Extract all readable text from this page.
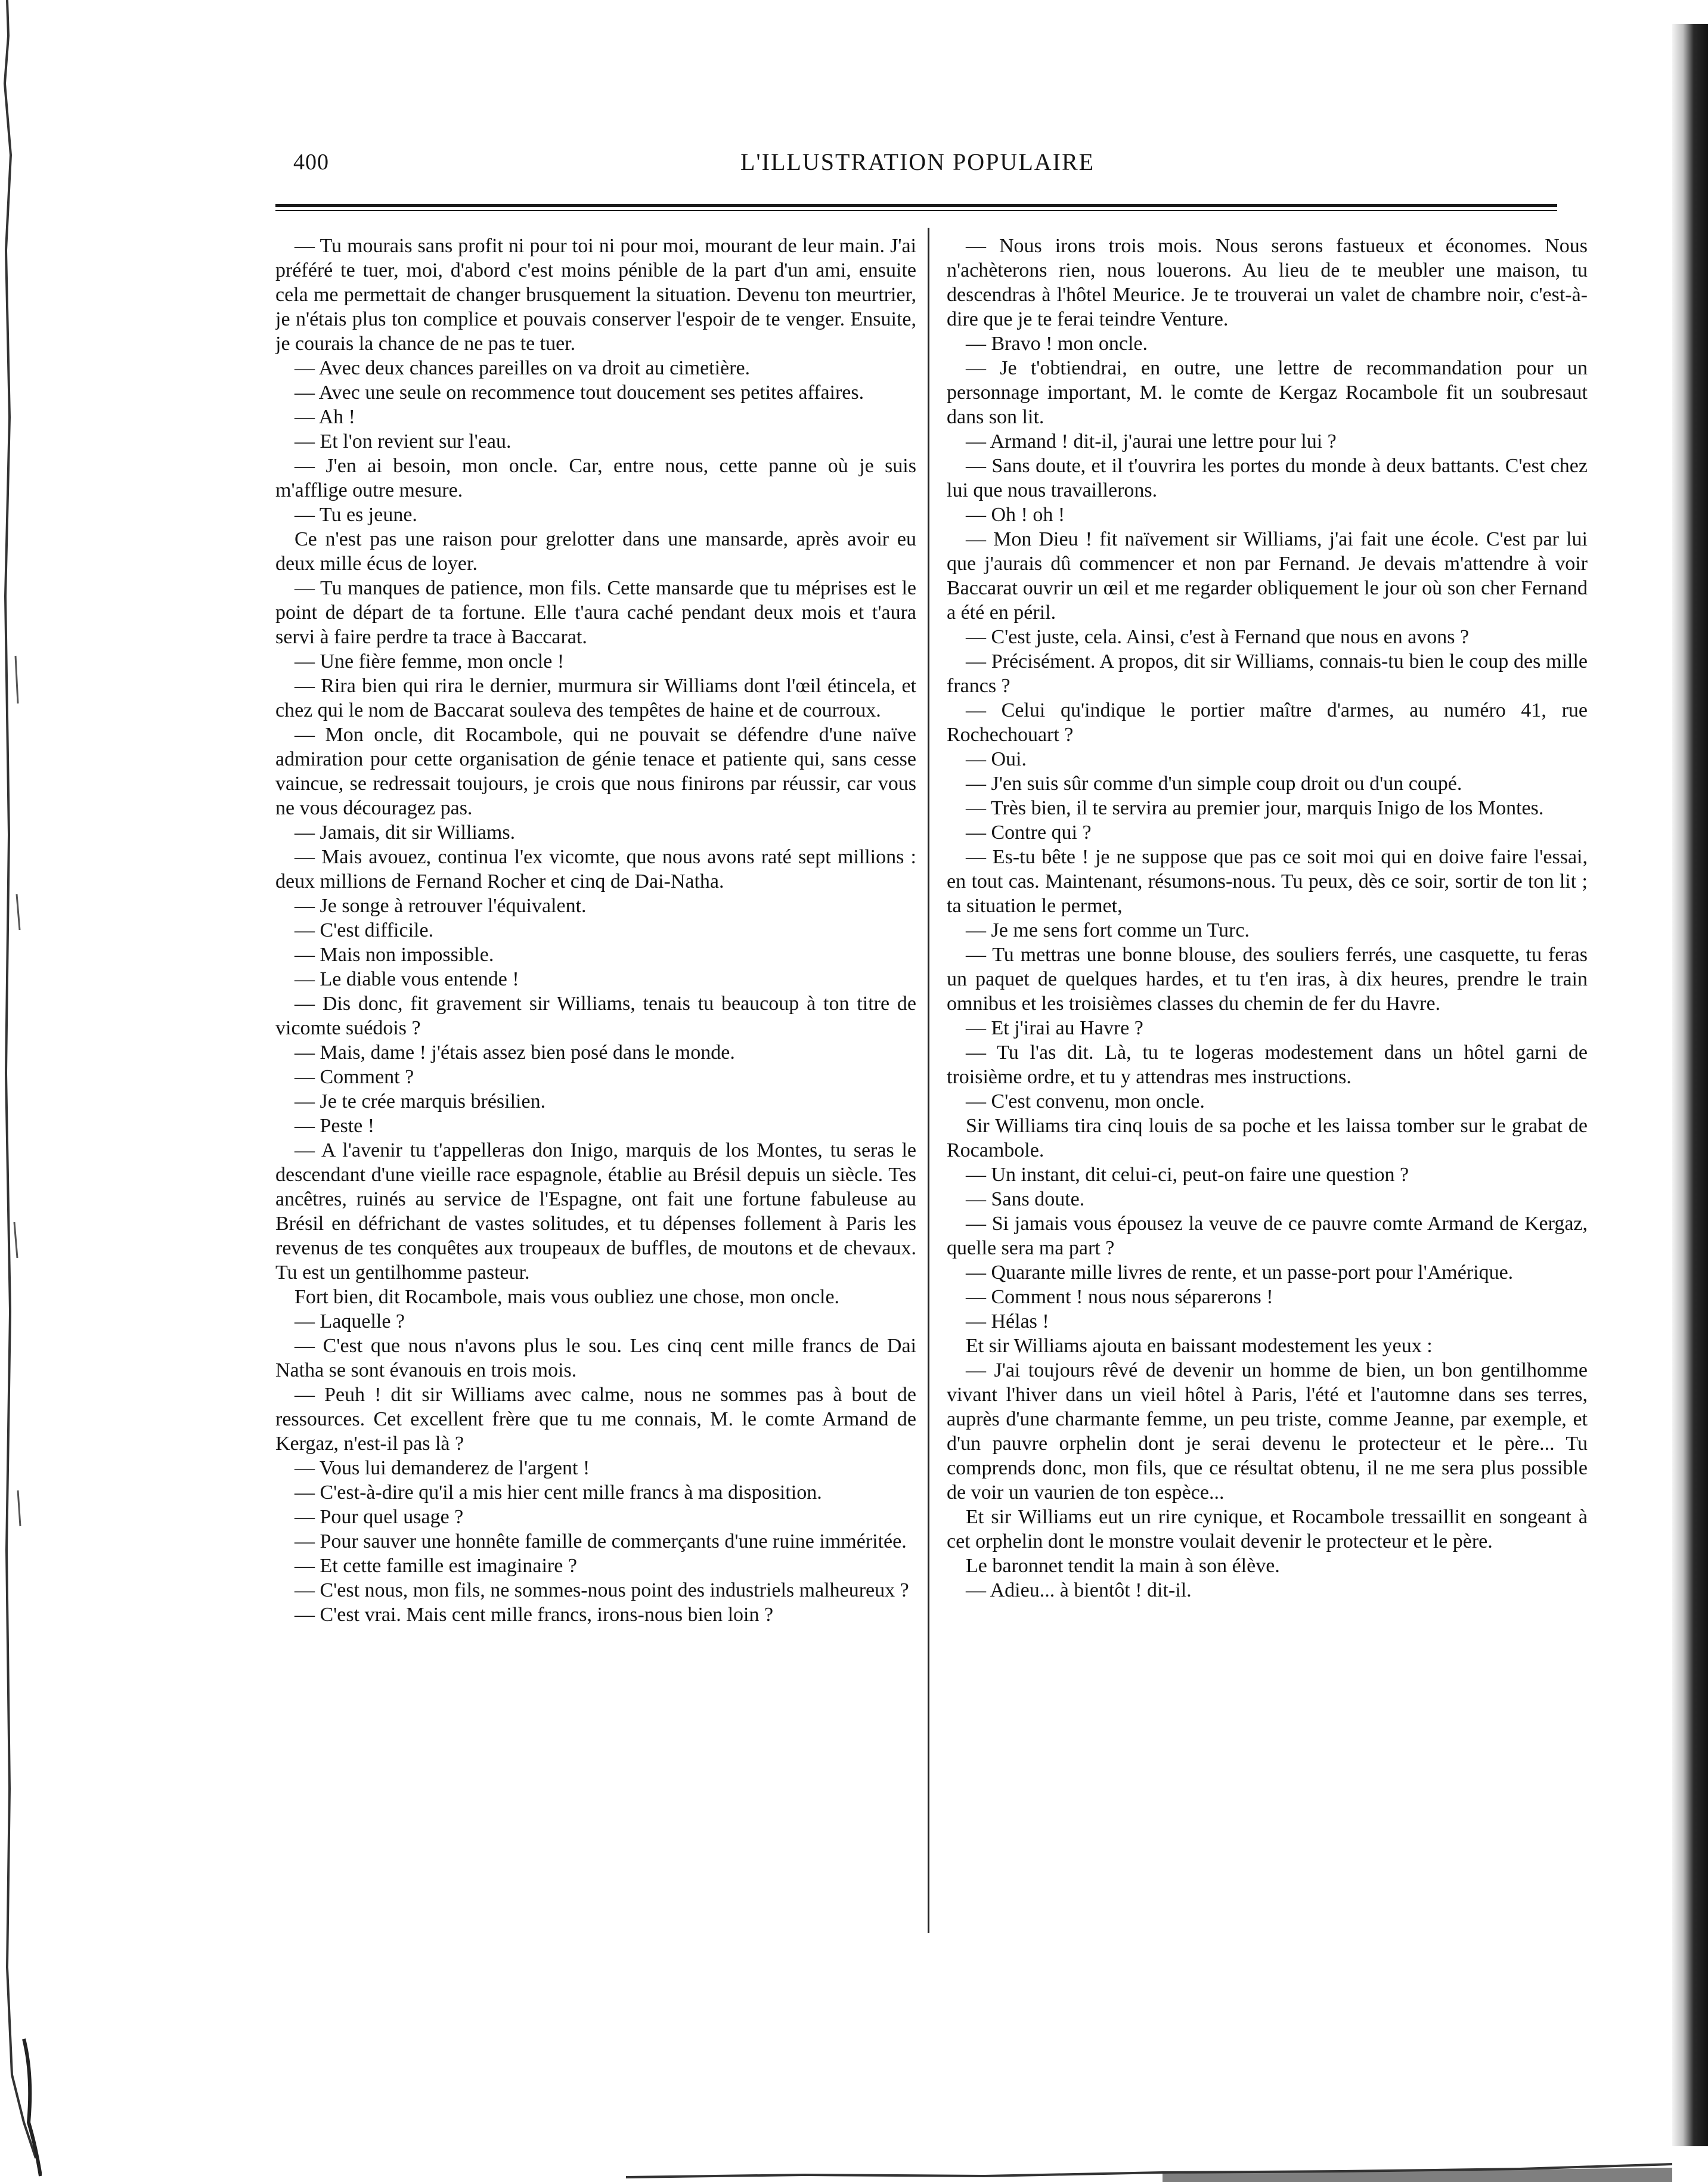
400	L'ILLUSTRATION POPULAIRE

— Tu mourais sans profit ni pour toi ni pour moi, mourant de leur main. J'ai préféré te tuer, moi, d'abord c'est moins pénible de la part d'un ami, ensuite cela me permettait de changer brusquement la situation. Devenu ton meurtrier, je n'étais plus ton complice et pouvais conserver l'espoir de te venger. Ensuite, je courais la chance de ne pas te tuer.

— Avec deux chances pareilles on va droit au cimetière.

— Avec une seule on recommence tout doucement ses petites affaires.

— Ah !

— Et l'on revient sur l'eau.

— J'en ai besoin, mon oncle. Car, entre nous, cette panne où je suis m'afflige outre mesure.

— Tu es jeune.

Ce n'est pas une raison pour grelotter dans une mansarde, après avoir eu deux mille écus de loyer.

— Tu manques de patience, mon fils. Cette mansarde que tu méprises est le point de départ de ta fortune. Elle t'aura caché pendant deux mois et t'aura servi à faire perdre ta trace à Baccarat.

— Une fière femme, mon oncle !

— Rira bien qui rira le dernier, murmura sir Williams dont l'œil étincela, et chez qui le nom de Baccarat souleva des tempêtes de haine et de courroux.

— Mon oncle, dit Rocambole, qui ne pouvait se défendre d'une naïve admiration pour cette organisation de génie tenace et patiente qui, sans cesse vaincue, se redressait toujours, je crois que nous finirons par réussir, car vous ne vous découragez pas.

— Jamais, dit sir Williams.

— Mais avouez, continua l'ex vicomte, que nous avons raté sept millions : deux millions de Fernand Rocher et cinq de Dai-Natha.

— Je songe à retrouver l'équivalent.

— C'est difficile.

— Mais non impossible.

— Le diable vous entende !

— Dis donc, fit gravement sir Williams, tenais tu beaucoup à ton titre de vicomte suédois ?

— Mais, dame ! j'étais assez bien posé dans le monde.

— Comment ?

— Je te crée marquis brésilien.

— Peste !

— A l'avenir tu t'appelleras don Inigo, marquis de los Montes, tu seras le descendant d'une vieille race espagnole, établie au Brésil depuis un siècle. Tes ancêtres, ruinés au service de l'Espagne, ont fait une fortune fabuleuse au Brésil en défrichant de vastes solitudes, et tu dépenses follement à Paris les revenus de tes conquêtes aux troupeaux de buffles, de moutons et de chevaux. Tu est un gentilhomme pasteur.

Fort bien, dit Rocambole, mais vous oubliez une chose, mon oncle.

— Laquelle ?

— C'est que nous n'avons plus le sou. Les cinq cent mille francs de Dai Natha se sont évanouis en trois mois.

— Peuh ! dit sir Williams avec calme, nous ne sommes pas à bout de ressources. Cet excellent frère que tu me connais, M. le comte Armand de Kergaz, n'est-il pas là ?

— Vous lui demanderez de l'argent !

— C'est-à-dire qu'il a mis hier cent mille francs à ma disposition.

— Pour quel usage ?

— Pour sauver une honnête famille de commerçants d'une ruine imméritée.

— Et cette famille est imaginaire ?

— C'est nous, mon fils, ne sommes-nous point des industriels malheureux ?

— C'est vrai. Mais cent mille francs, irons-nous bien loin ?

— Nous irons trois mois. Nous serons fastueux et économes. Nous n'achèterons rien, nous louerons. Au lieu de te meubler une maison, tu descendras à l'hôtel Meurice. Je te trouverai un valet de chambre noir, c'est-à-dire que je te ferai teindre Venture.

— Bravo ! mon oncle.

— Je t'obtiendrai, en outre, une lettre de recommandation pour un personnage important, M. le comte de Kergaz Rocambole fit un soubresaut dans son lit.

— Armand ! dit-il, j'aurai une lettre pour lui ?

— Sans doute, et il t'ouvrira les portes du monde à deux battants. C'est chez lui que nous travaillerons.

— Oh ! oh !

— Mon Dieu ! fit naïvement sir Williams, j'ai fait une école. C'est par lui que j'aurais dû commencer et non par Fernand. Je devais m'attendre à voir Baccarat ouvrir un œil et me regarder obliquement le jour où son cher Fernand a été en péril.

— C'est juste, cela. Ainsi, c'est à Fernand que nous en avons ?

— Précisément. A propos, dit sir Williams, connais-tu bien le coup des mille francs ?

— Celui qu'indique le portier maître d'armes, au numéro 41, rue Rochechouart ?

— Oui.

— J'en suis sûr comme d'un simple coup droit ou d'un coupé.

— Très bien, il te servira au premier jour, marquis Inigo de los Montes.

— Contre qui ?

— Es-tu bête ! je ne suppose que pas ce soit moi qui en doive faire l'essai, en tout cas. Maintenant, résumons-nous. Tu peux, dès ce soir, sortir de ton lit ; ta situation le permet,

— Je me sens fort comme un Turc.

— Tu mettras une bonne blouse, des souliers ferrés, une casquette, tu feras un paquet de quelques hardes, et tu t'en iras, à dix heures, prendre le train omnibus et les troisièmes classes du chemin de fer du Havre.

— Et j'irai au Havre ?

— Tu l'as dit. Là, tu te logeras modestement dans un hôtel garni de troisième ordre, et tu y attendras mes instructions.

— C'est convenu, mon oncle.

Sir Williams tira cinq louis de sa poche et les laissa tomber sur le grabat de Rocambole.

— Un instant, dit celui-ci, peut-on faire une question ?

— Sans doute.

— Si jamais vous épousez la veuve de ce pauvre comte Armand de Kergaz, quelle sera ma part ?

— Quarante mille livres de rente, et un passe-port pour l'Amérique.

— Comment ! nous nous séparerons !

— Hélas !

Et sir Williams ajouta en baissant modestement les yeux :

— J'ai toujours rêvé de devenir un homme de bien, un bon gentilhomme vivant l'hiver dans un vieil hôtel à Paris, l'été et l'automne dans ses terres, auprès d'une charmante femme, un peu triste, comme Jeanne, par exemple, et d'un pauvre orphelin dont je serai devenu le protecteur et le père... Tu comprends donc, mon fils, que ce résultat obtenu, il ne me sera plus possible de voir un vaurien de ton espèce...

Et sir Williams eut un rire cynique, et Rocambole tressaillit en songeant à cet orphelin dont le monstre voulait devenir le protecteur et le père.

Le baronnet tendit la main à son élève.

— Adieu... à bientôt ! dit-il.
